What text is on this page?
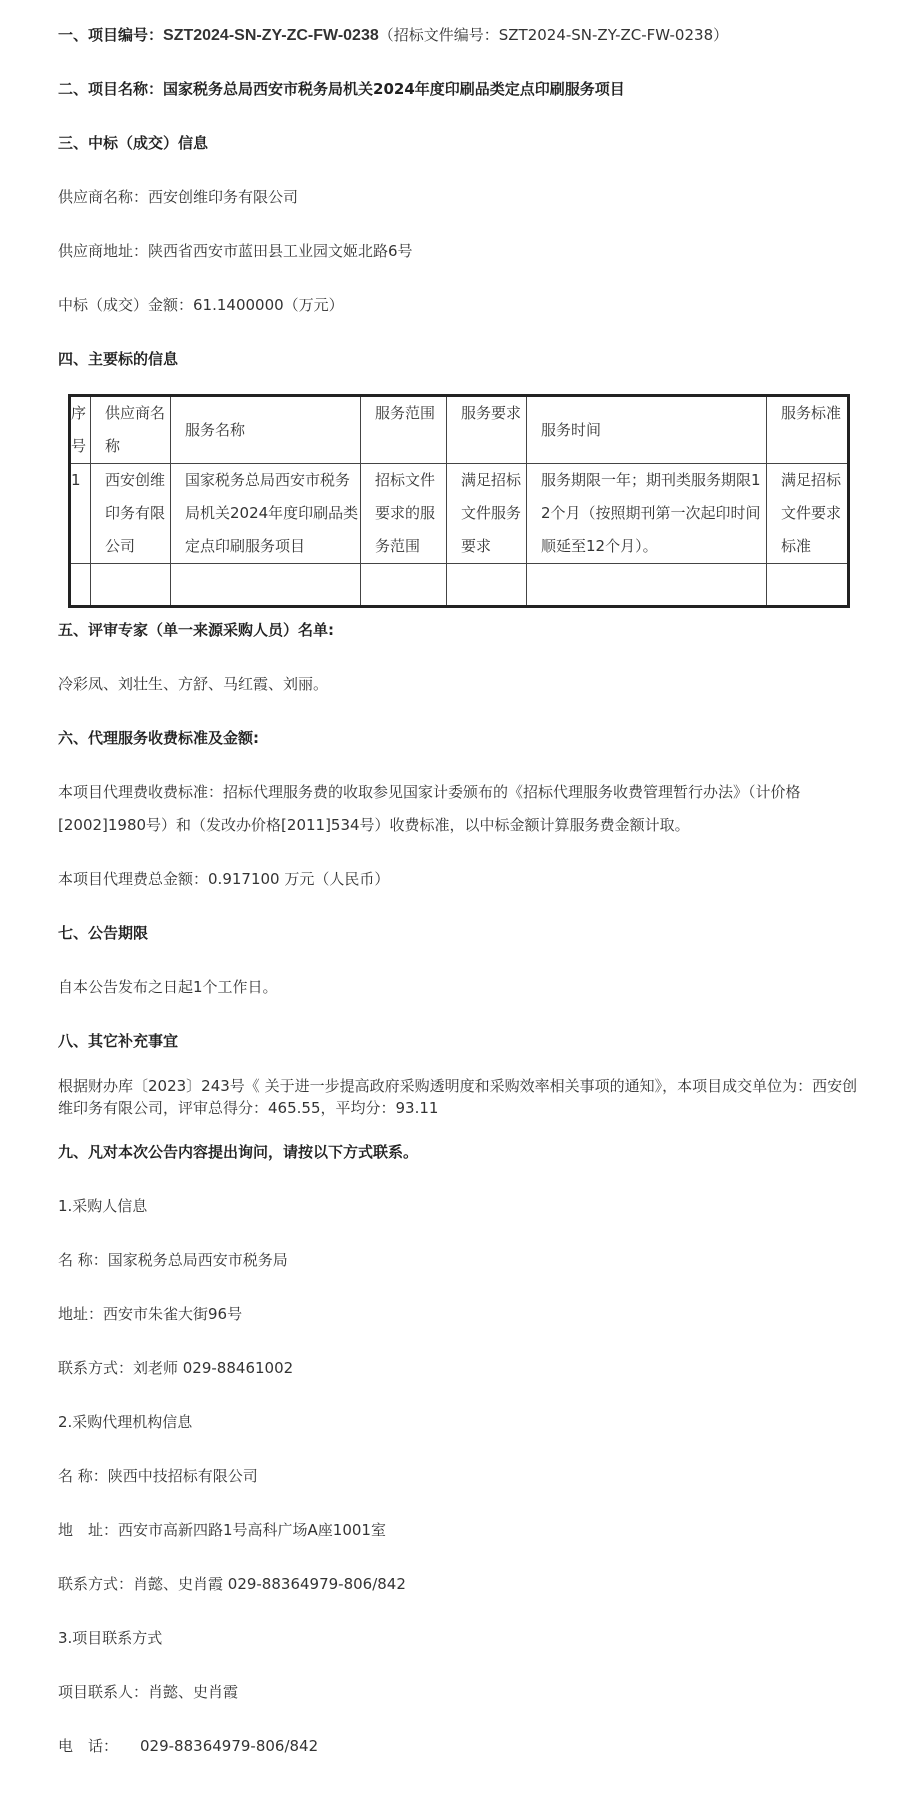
一、项目编号：SZT2024-SN-ZY-ZC-FW-0238（招标文件编号：SZT2024-SN-ZY-ZC-FW-0238）
二、项目名称：国家税务总局西安市税务局机关2024年度印刷品类定点印刷服务项目
三、中标（成交）信息
供应商名称：西安创维印务有限公司
供应商地址：陕西省西安市蓝田县工业园文姬北路6号
中标（成交）金额：61.1400000（万元）
四、主要标的信息
序号	供应商名称	服务名称	服务范围	服务要求	服务时间	服务标准

1	西安创维印务有限公司	国家税务总局西安市税务局机关2024年度印刷品类定点印刷服务项目	招标文件要求的服务范围	满足招标文件服务要求	服务期限一年；期刊类服务期限12个月（按照期刊第一次起印时间顺延至12个月）。	满足招标文件要求标准

五、评审专家（单一来源采购人员）名单:
冷彩凤、刘壮生、方舒、马红霞、刘丽。
六、代理服务收费标准及金额:
本项目代理费收费标准：招标代理服务费的收取参见国家计委颁布的《招标代理服务收费管理暂行办法》（计价格[2002]1980号）和（发改办价格[2011]534号）收费标准，以中标金额计算服务费金额计取。
本项目代理费总金额：0.917100 万元（人民币）
七、公告期限
自本公告发布之日起1个工作日。
八、其它补充事宜
根据财办库〔2023〕243号《 关于进一步提高政府采购透明度和采购效率相关事项的通知》，本项目成交单位为：西安创维印务有限公司，评审总得分：465.55，平均分：93.11
九、凡对本次公告内容提出询问，请按以下方式联系。
1.采购人信息
名 称：国家税务总局西安市税务局
地址：西安市朱雀大街96号
联系方式：刘老师 029-88461002
2.采购代理机构信息
名 称：陕西中技招标有限公司
地　址：西安市高新四路1号高科广场A座1001室
联系方式：肖懿、史肖霞 029-88364979-806/842
3.项目联系方式
项目联系人：肖懿、史肖霞
电　话： 029-88364979-806/842
